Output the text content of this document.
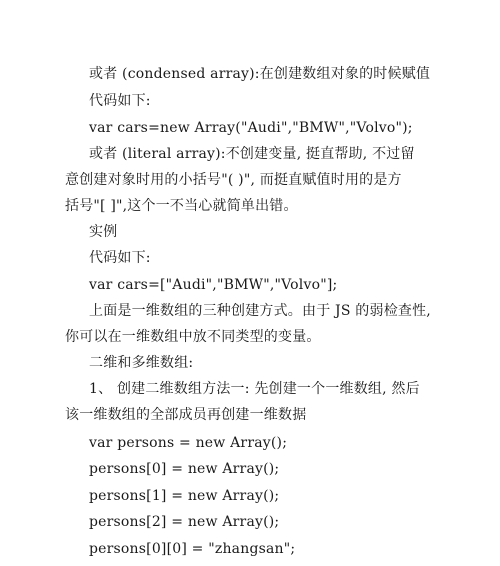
或者 (condensed array):在创建数组对象的时候赋值
代码如下:
var cars=new Array("Audi","BMW","Volvo");
或者 (literal array):不创建变量, 挺直帮助, 不过留
意创建对象时用的小括号"( )", 而挺直赋值时用的是方
括号"[ ]",这个一不当心就简单出错。
实例
代码如下:
var cars=["Audi","BMW","Volvo"];
上面是一维数组的三种创建方式。由于 JS 的弱检查性,
你可以在一维数组中放不同类型的变量。
二维和多维数组:
1、 创建二维数组方法一: 先创建一个一维数组, 然后
该一维数组的全部成员再创建一维数据
var persons = new Array();
persons[0] = new Array();
persons[1] = new Array();
persons[2] = new Array();
persons[0][0] = "zhangsan";
